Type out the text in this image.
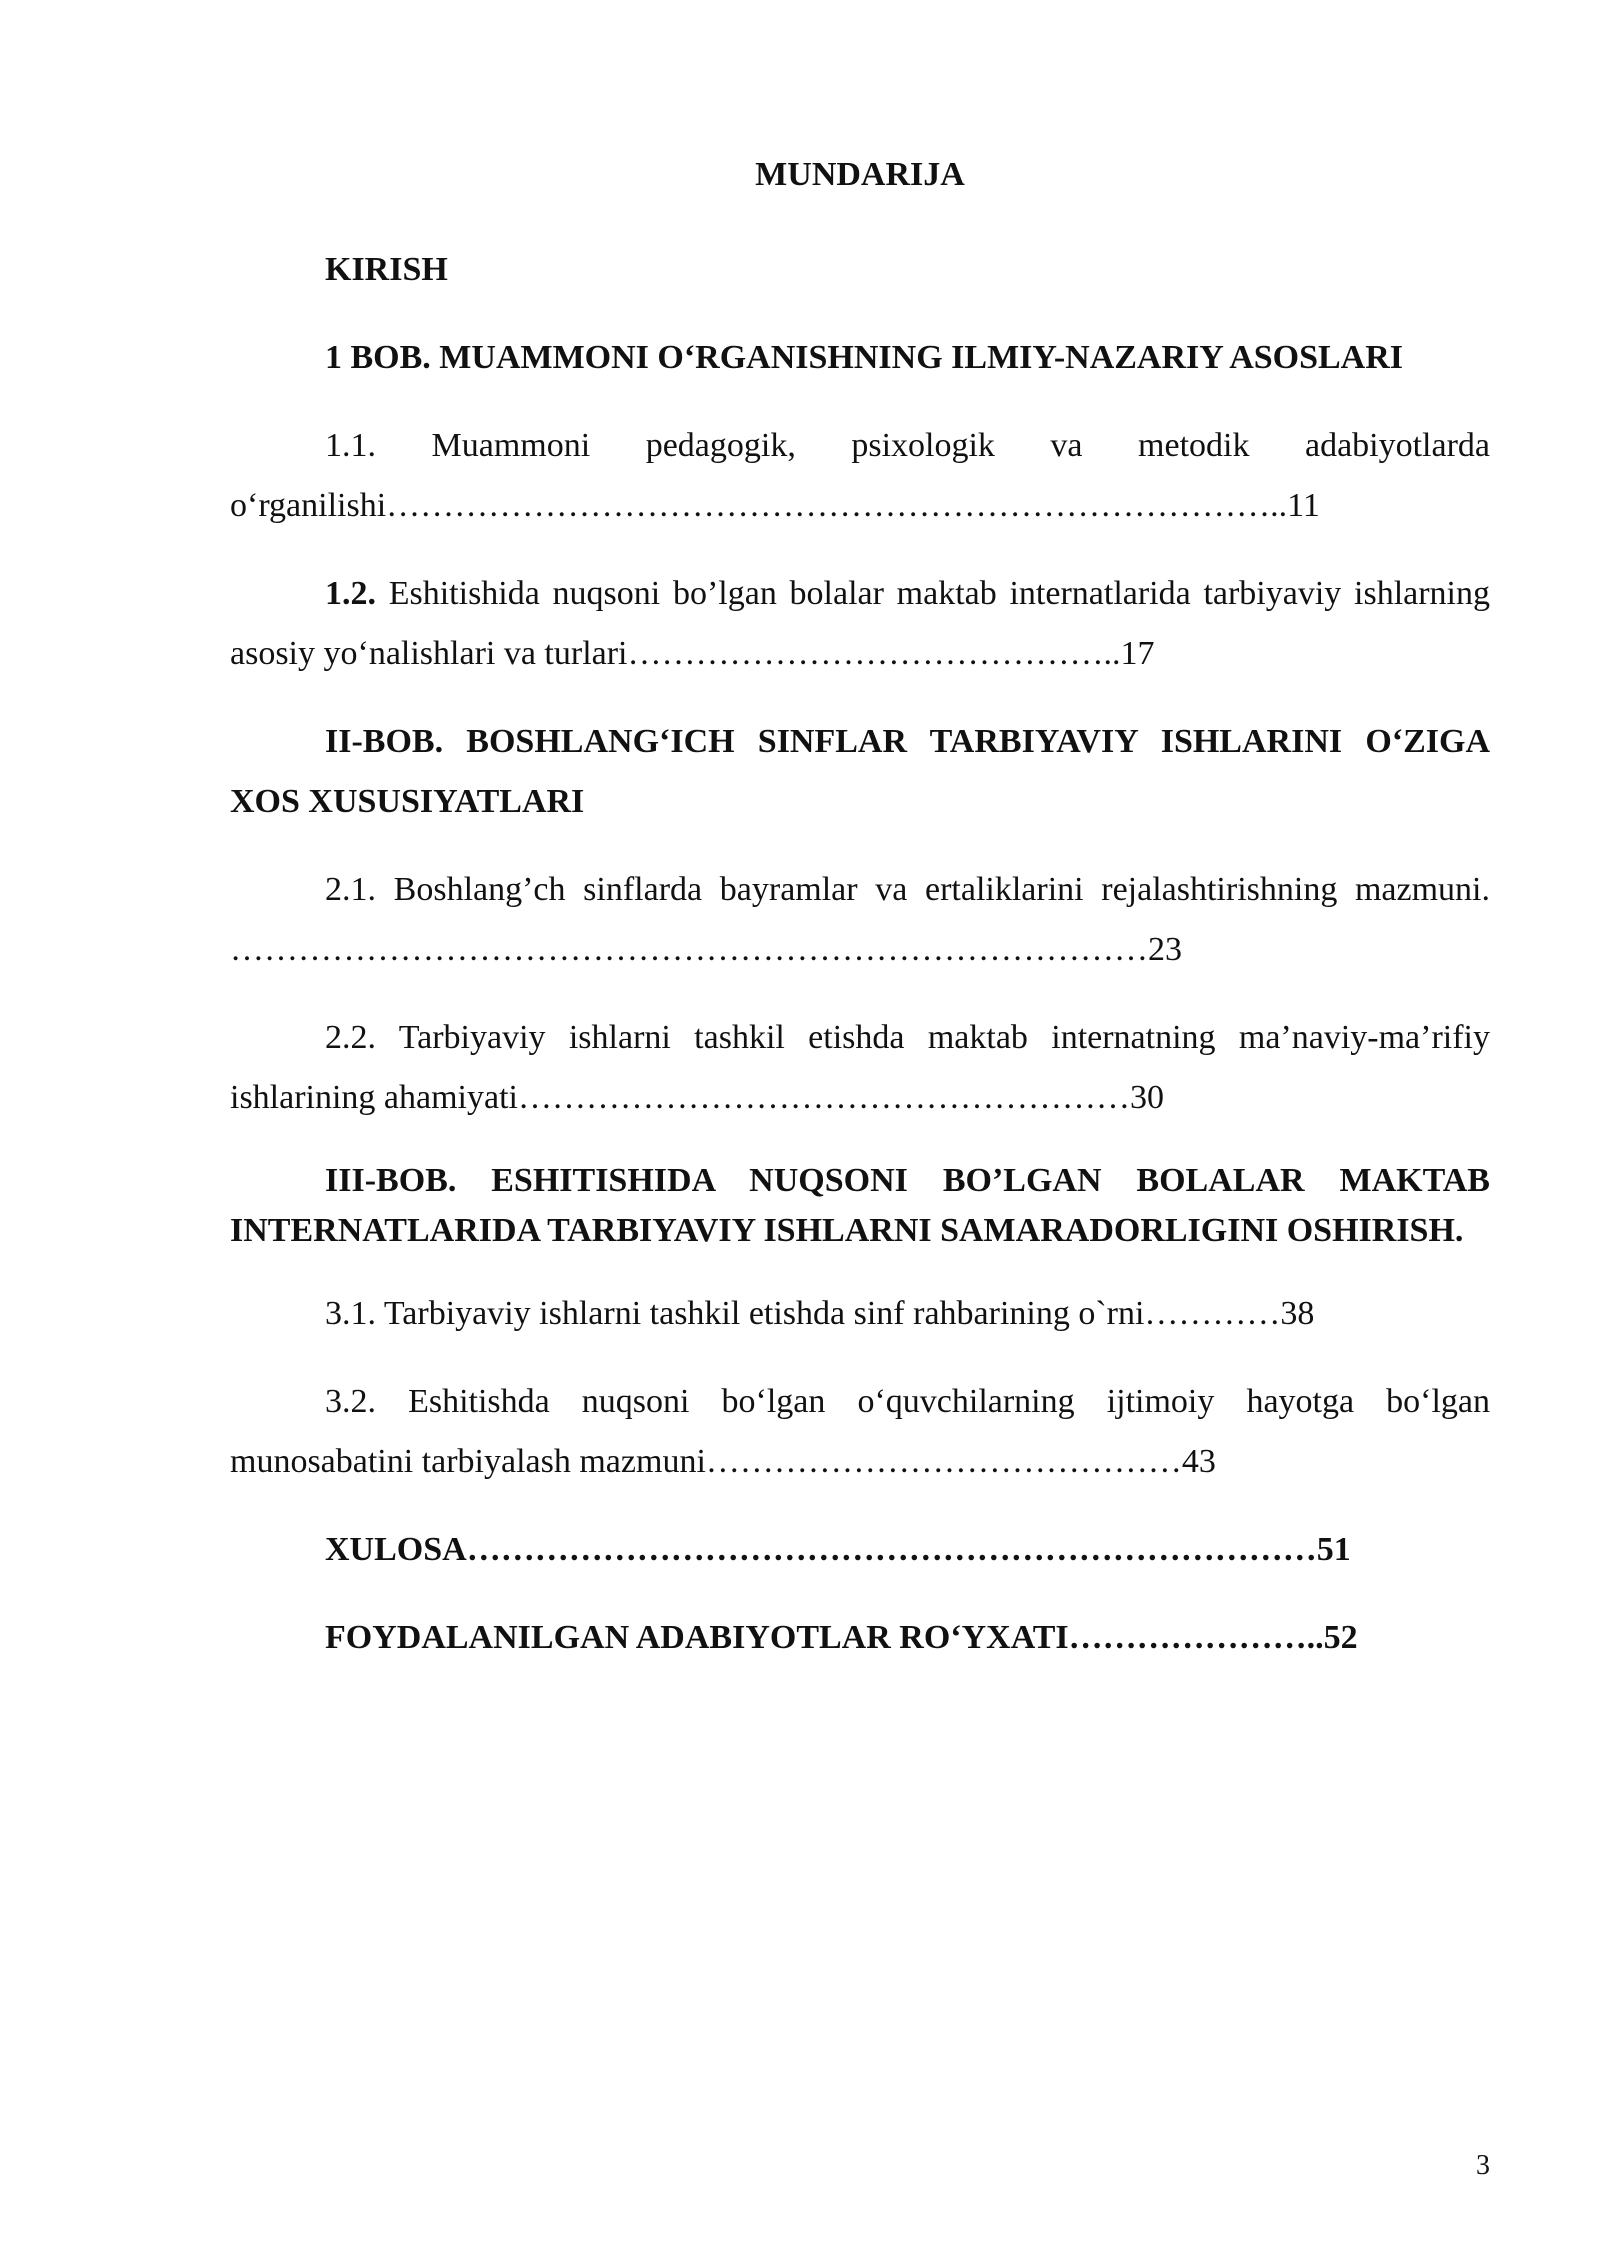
MUNDARIJA

KIRISH

1 BOB. MUAMMONI O‘RGANISHNING ILMIY-NAZARIY ASOSLARI

1.1. Muammoni pedagogik, psixologik va metodik adabiyotlarda o‘rganilishi……………………………………………………………………..11

1.2. Eshitishida nuqsoni bo’lgan bolalar maktab internatlarida tarbiyaviy ishlarning asosiy yo‘nalishlari va turlari……………………………………..17

II-BOB. BOSHLANG‘ICH SINFLAR TARBIYAVIY ISHLARINI O‘ZIGA XOS XUSUSIYATLARI

2.1. Boshlang’ch sinflarda bayramlar va ertaliklarini rejalashtirishning mazmuni. ………………………………………………………………………23

2.2. Tarbiyaviy ishlarni tashkil etishda maktab internatning ma’naviy-ma’rifiy ishlarining ahamiyati………………………………………………30

III-BOB. ESHITISHIDA NUQSONI BO’LGAN BOLALAR MAKTAB INTERNATLARIDA TARBIYAVIY ISHLARNI SAMARADORLIGINI OSHIRISH.

3.1. Tarbiyaviy ishlarni tashkil etishda sinf rahbarining o`rni…………38

3.2. Eshitishda nuqsoni bo‘lgan o‘quvchilarning ijtimoiy hayotga bo‘lgan munosabatini tarbiyalash mazmuni……………………………………43

XULOSA…………………………………………………………………51

FOYDALANILGAN ADABIYOTLAR RO‘YXATI…………………..52

3
